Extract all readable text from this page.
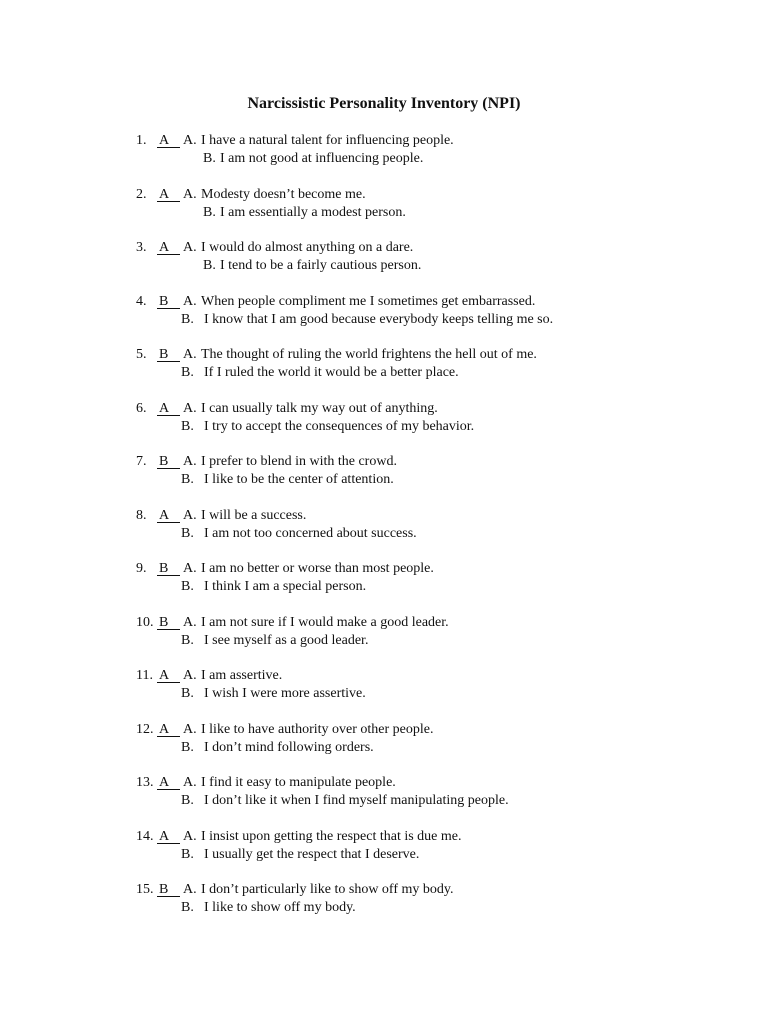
Narcissistic Personality Inventory (NPI)
1. A A. I have a natural talent for influencing people.
B. I am not good at influencing people.
2. A A. Modesty doesn’t become me.
B. I am essentially a modest person.
3. A A. I would do almost anything on a dare.
B. I tend to be a fairly cautious person.
4. B	A. When people compliment me I sometimes get embarrassed.
B. I know that I am good because everybody keeps telling me so.
5. B	A. The thought of ruling the world frightens the hell out of me.
B. If I ruled the world it would be a better place.
6. A A. I can usually talk my way out of anything.
B. I try to accept the consequences of my behavior.
7. B	A. I prefer to blend in with the crowd.
B. I like to be the center of attention.
8. A A. I will be a success.
B. I am not too concerned about success.
9. B	A. I am no better or worse than most people.
B. I think I am a special person.
10. B	A. I am not sure if I would make a good leader.
B. I see myself as a good leader.
11. A A. I am assertive.
B. I wish I were more assertive.
12. A A. I like to have authority over other people.
B. I don’t mind following orders.
13. A A. I find it easy to manipulate people.
B. I don’t like it when I find myself manipulating people.
14. A A. I insist upon getting the respect that is due me.
B. I usually get the respect that I deserve.
15. B	A. I don’t particularly like to show off my body.
B. I like to show off my body.
